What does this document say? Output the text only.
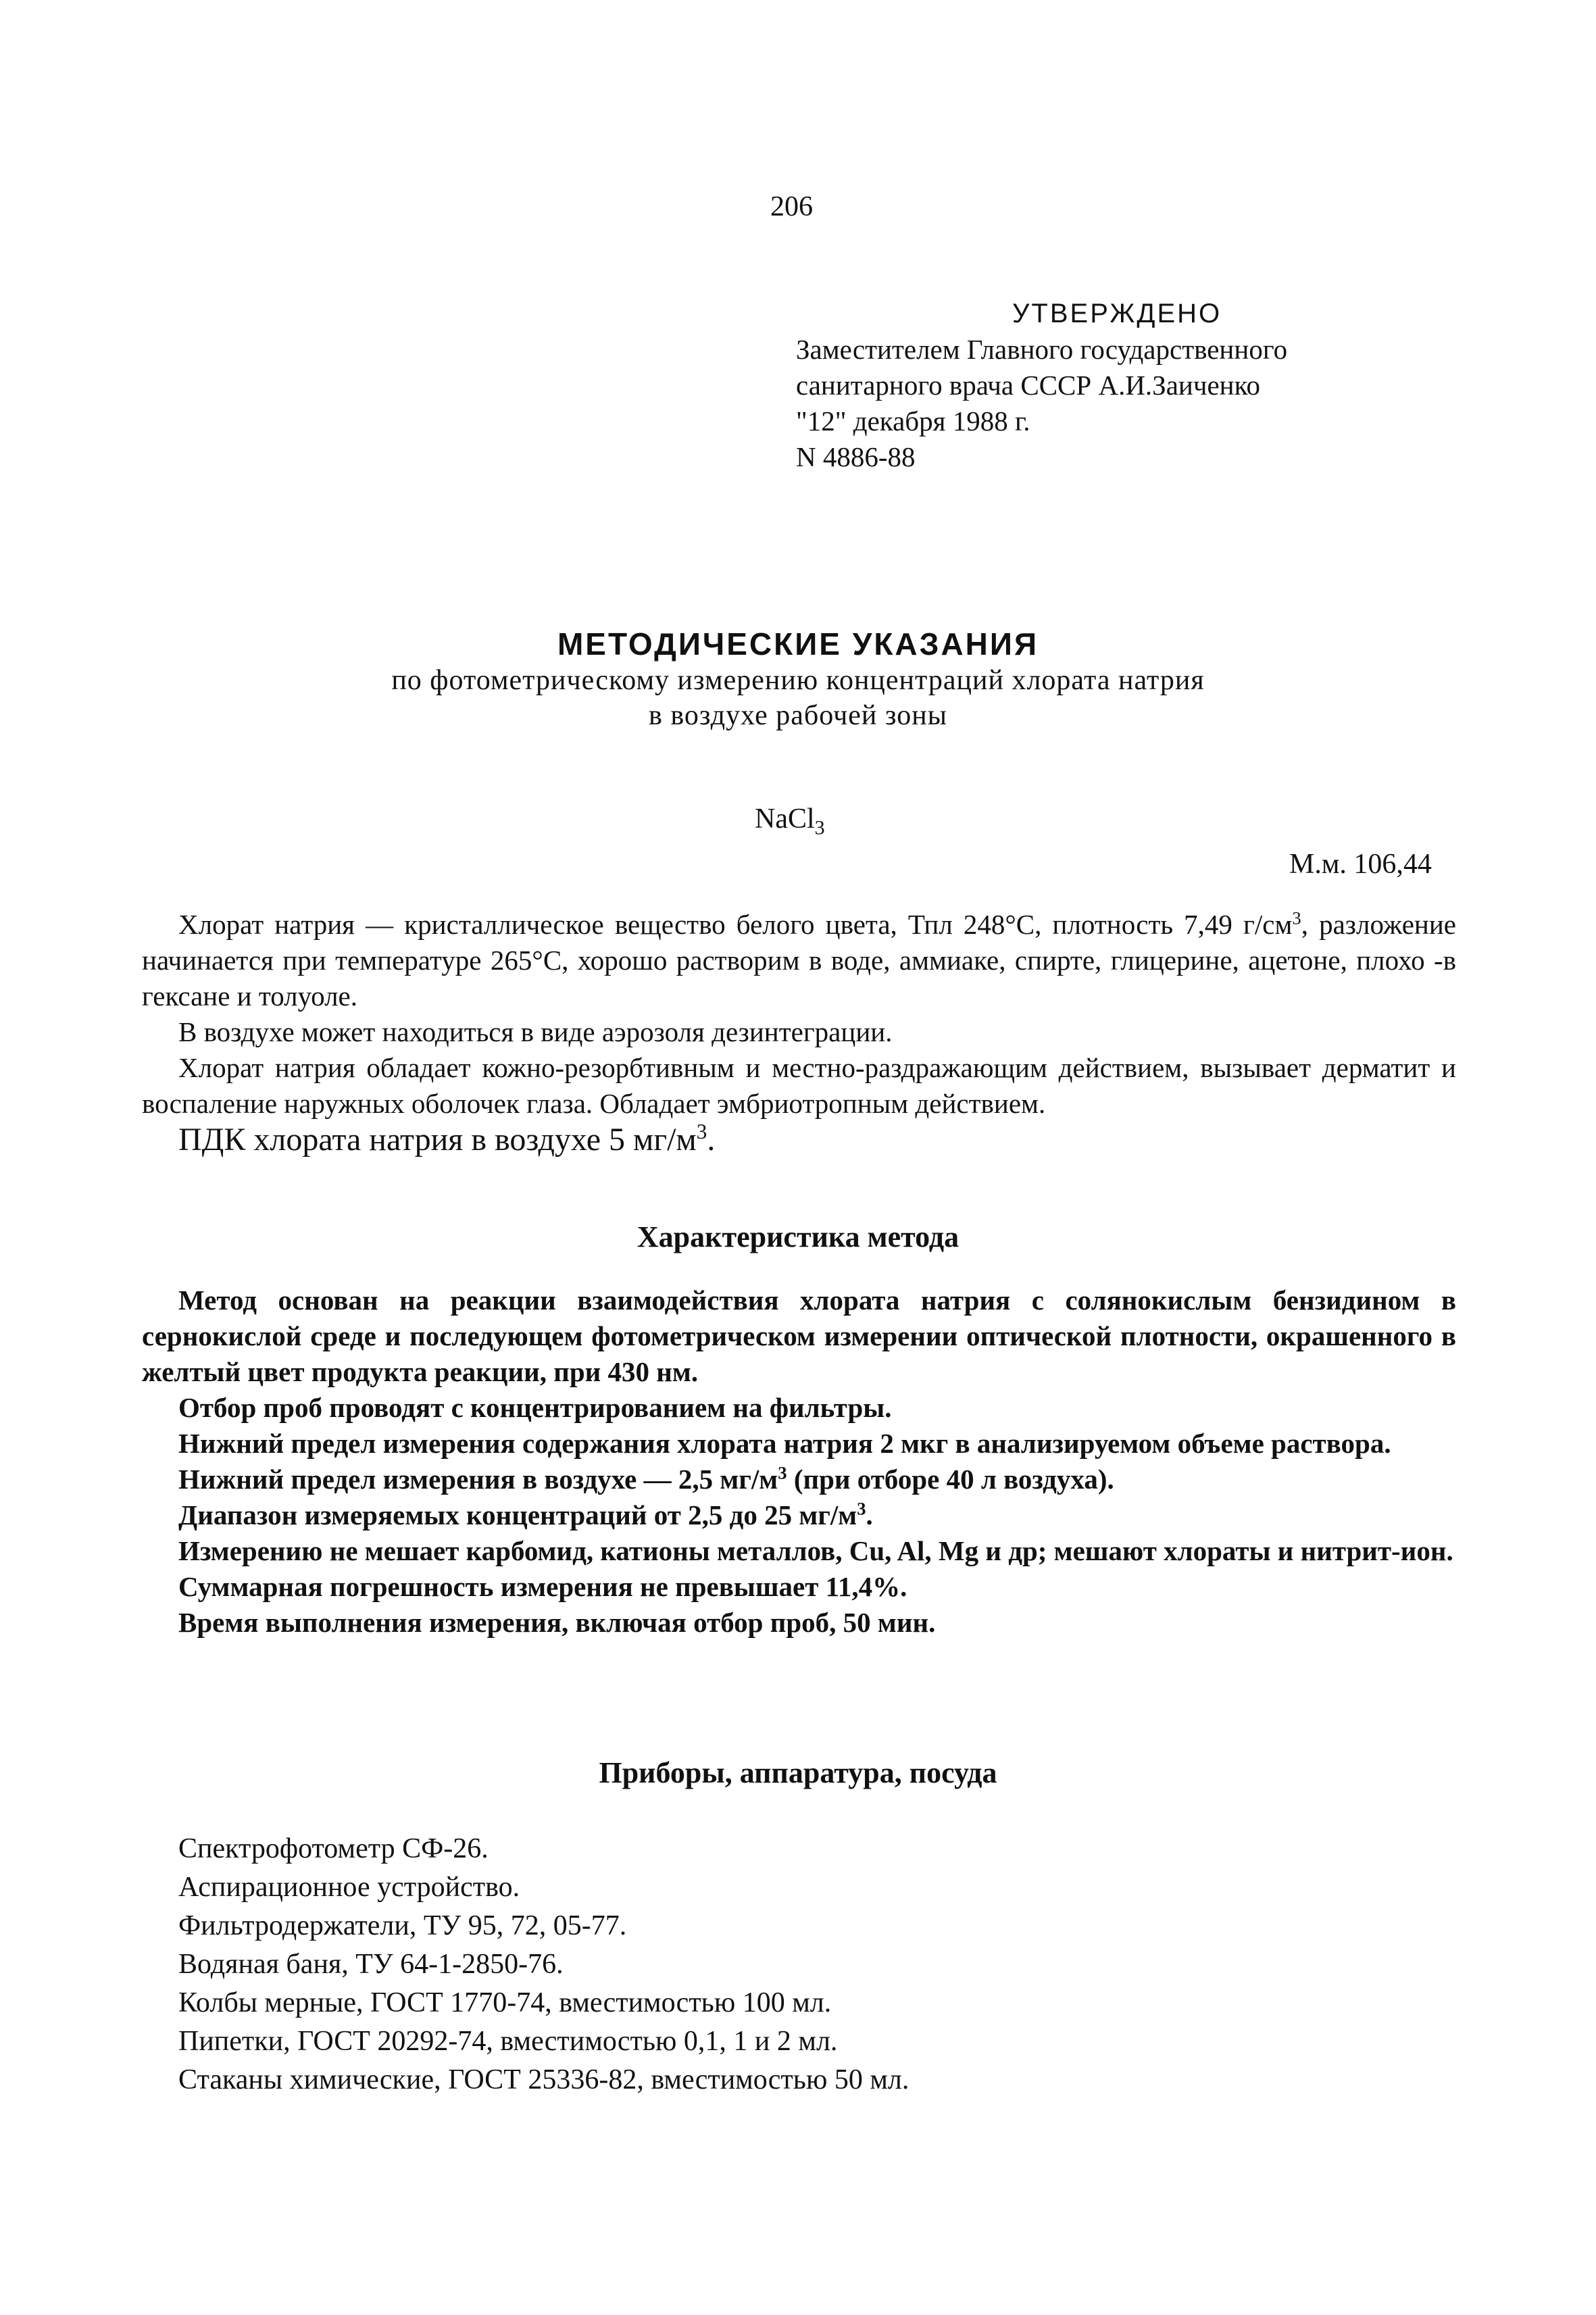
206
УТВЕРЖДЕНО
Заместителем Главного государственного
санитарного врача СССР А.И.Заиченко
"12" декабря 1988 г.
N 4886-88
МЕТОДИЧЕСКИЕ УКАЗАНИЯ
по фотометрическому измерению концентраций хлората натрия
в воздухе рабочей зоны
NaCl$_3$
М.м. 106,44

Хлорат натрия — кристаллическое вещество белого цвета, Тпл 248°С, плотность 7,49 $г/см^3$, разложение начинается при температуре 265°С, хорошо растворим в воде, аммиаке, спирте, глицерине, ацетоне, плохо -в гексане и толуоле.

В воздухе может находиться в виде аэрозоля дезинтеграции.

Хлорат натрия обладает кожно-резорбтивным и местно-раздражающим действием, вызывает дерматит и воспаление наружных оболочек глаза. Обладает эмбриотропным действием.

ПДК хлората натрия в воздухе 5 $мг/м^3$.

Характеристика метода

Метод основан на реакции взаимодействия хлората натрия с солянокислым бензидином в сернокислой среде и последующем фотометрическом измерении оптической плотности, окрашенного в желтый цвет продукта реакции, при 430 нм.

Отбор проб проводят с концентрированием на фильтры.

Нижний предел измерения содержания хлората натрия 2 мкг в анализируемом объеме раствора.

Нижний предел измерения в воздухе — 2,5 $мг/м^3$ (при отборе 40 л воздуха).

Диапазон измеряемых концентраций от 2,5 до 25 $мг/м^3$.

Измерению не мешает карбомид, катионы металлов, Cu, Al, Mg и др; мешают хлораты и нитрит-ион.

Суммарная погрешность измерения не превышает 11,4%.

Время выполнения измерения, включая отбор проб, 50 мин.

Приборы, аппаратура, посуда
Спектрофотометр СФ-26.
Аспирационное устройство.
Фильтродержатели, ТУ 95, 72, 05-77.
Водяная баня, ТУ 64-1-2850-76.
Колбы мерные, ГОСТ 1770-74, вместимостью 100 мл.
Пипетки, ГОСТ 20292-74, вместимостью 0,1, 1 и 2 мл.
Стаканы химические, ГОСТ 25336-82, вместимостью 50 мл.
